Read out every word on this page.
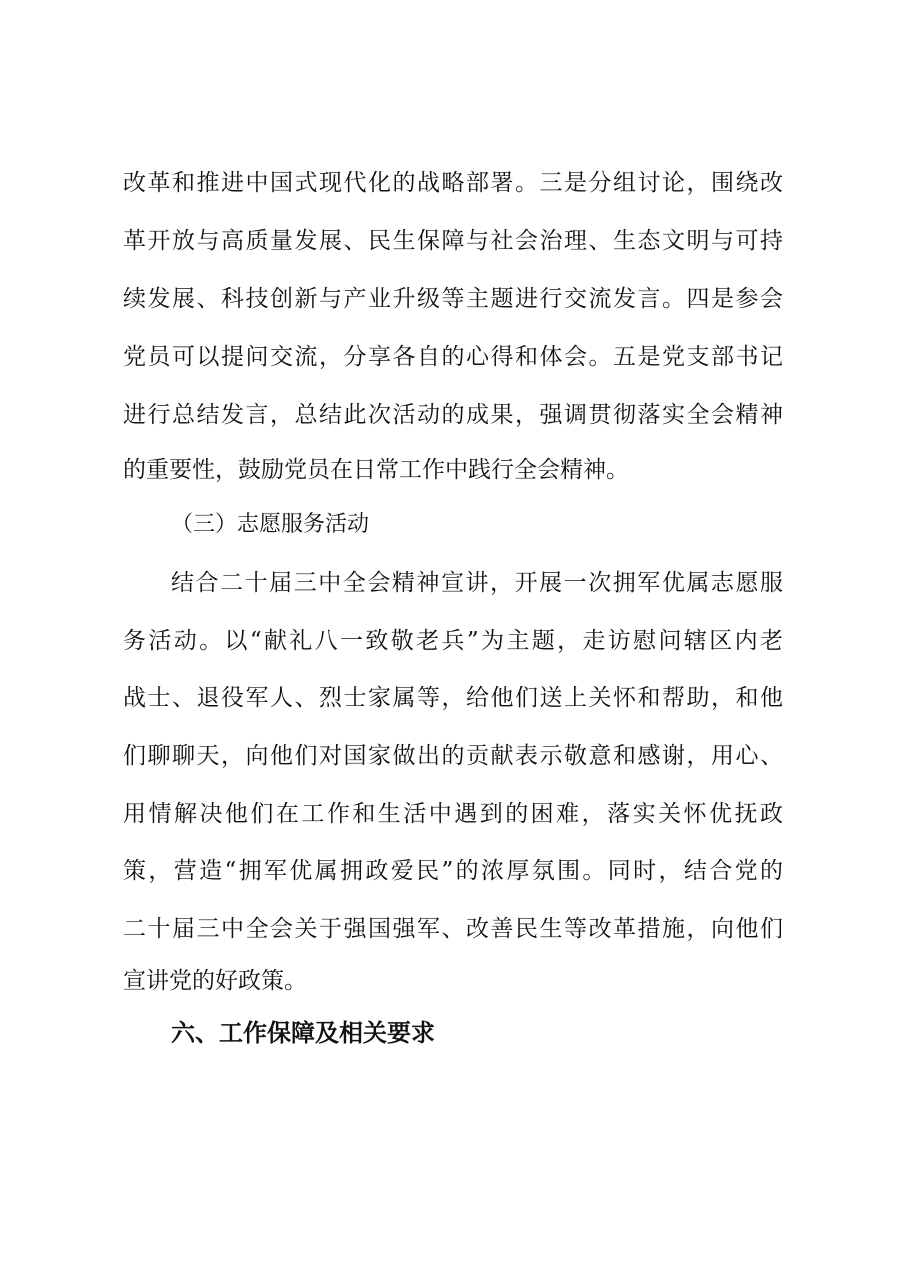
改革和推进中国式现代化的战略部署。三是分组讨论，围绕改
革开放与高质量发展、民生保障与社会治理、生态文明与可持
续发展、科技创新与产业升级等主题进行交流发言。四是参会
党员可以提问交流，分享各自的心得和体会。五是党支部书记
进行总结发言，总结此次活动的成果，强调贯彻落实全会精神
的重要性，鼓励党员在日常工作中践行全会精神。
（三）志愿服务活动
结合二十届三中全会精神宣讲，开展一次拥军优属志愿服
务活动。以“献礼八一致敬老兵”为主题，走访慰问辖区内老
战士、退役军人、烈士家属等，给他们送上关怀和帮助，和他
们聊聊天，向他们对国家做出的贡献表示敬意和感谢，用心、
用情解决他们在工作和生活中遇到的困难，落实关怀优抚政
策，营造“拥军优属拥政爱民”的浓厚氛围。同时，结合党的
二十届三中全会关于强国强军、改善民生等改革措施，向他们
宣讲党的好政策。
六、工作保障及相关要求
